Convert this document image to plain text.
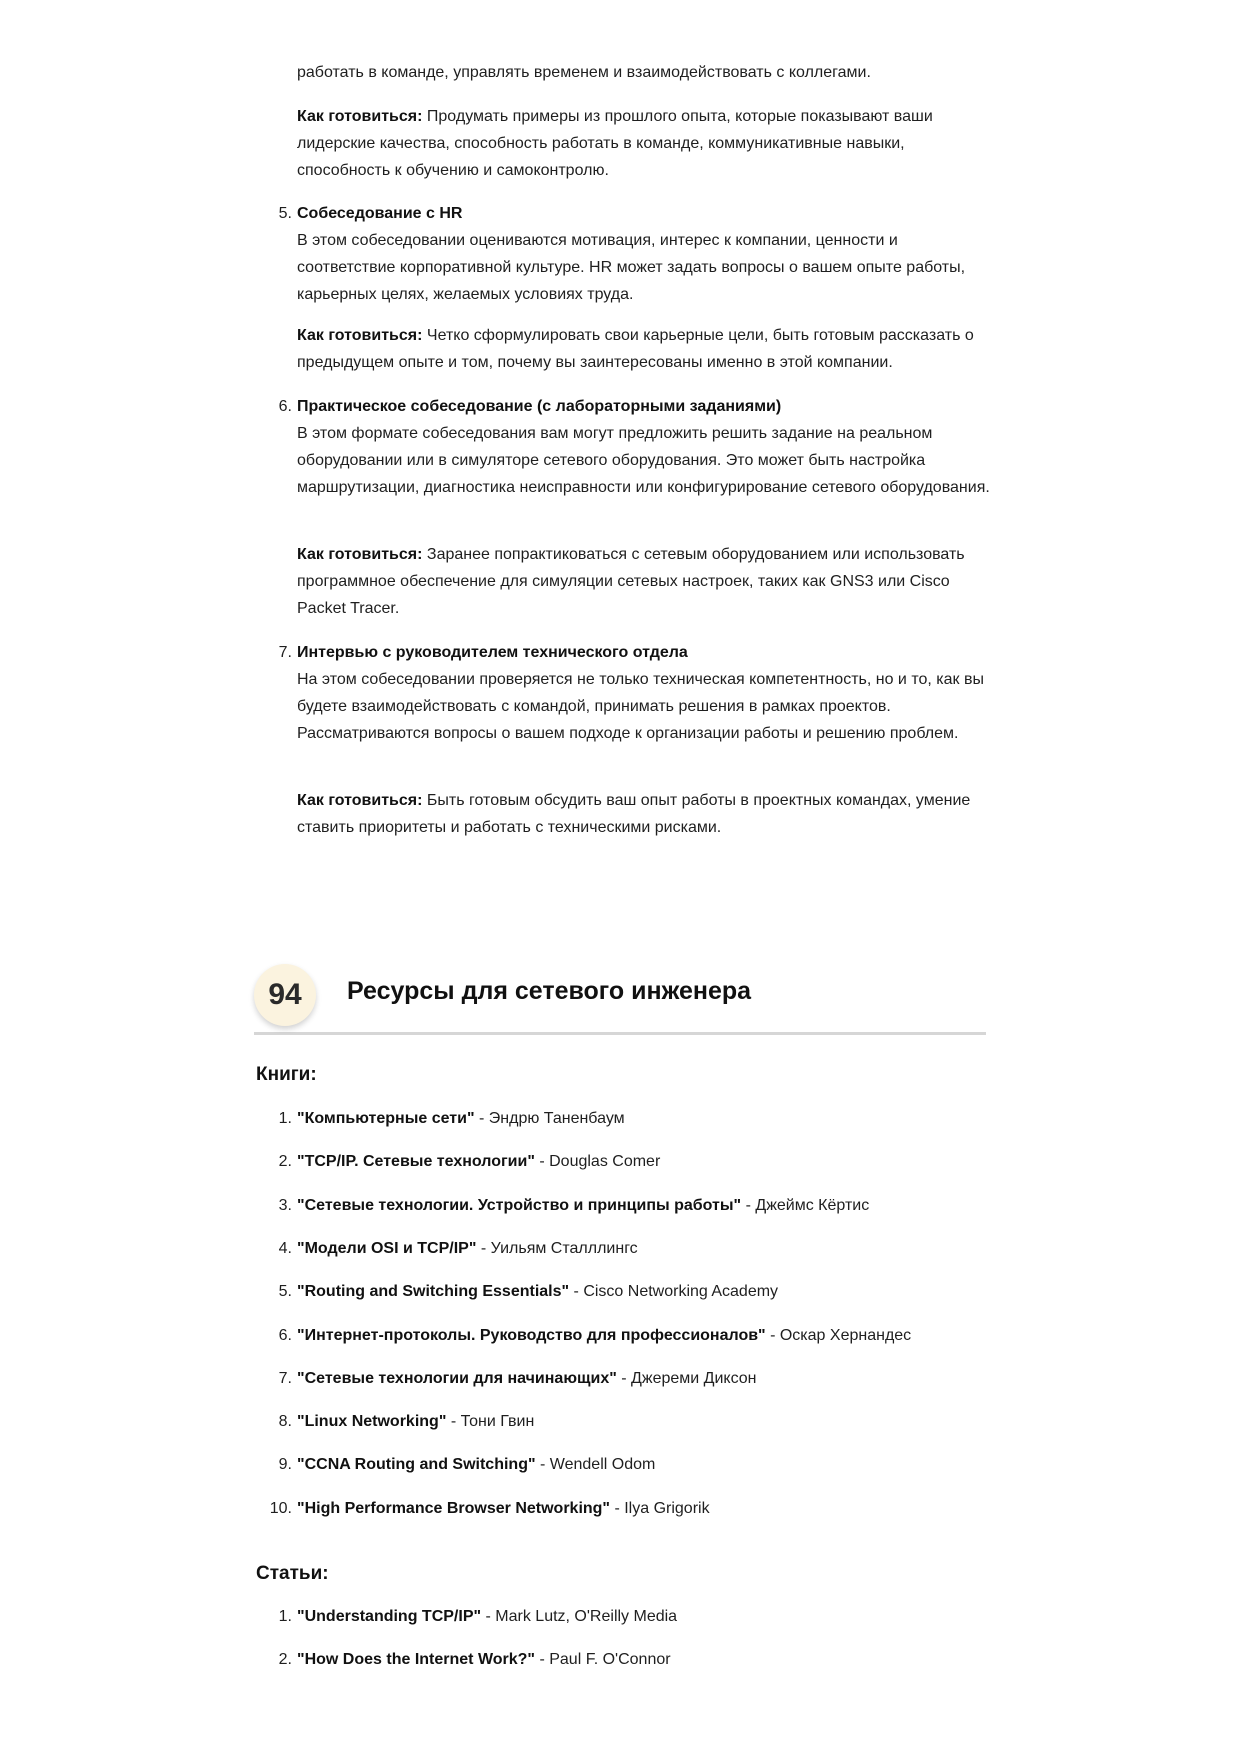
работать в команде, управлять временем и взаимодействовать с коллегами.

Как готовиться: Продумать примеры из прошлого опыта, которые показывают ваши лидерские качества, способность работать в команде, коммуникативные навыки, способность к обучению и самоконтролю.

5. Собеседование с HR
В этом собеседовании оцениваются мотивация, интерес к компании, ценности и соответствие корпоративной культуре. HR может задать вопросы о вашем опыте работы, карьерных целях, желаемых условиях труда.

Как готовиться: Четко сформулировать свои карьерные цели, быть готовым рассказать о предыдущем опыте и том, почему вы заинтересованы именно в этой компании.

6. Практическое собеседование (с лабораторными заданиями)
В этом формате собеседования вам могут предложить решить задание на реальном оборудовании или в симуляторе сетевого оборудования. Это может быть настройка маршрутизации, диагностика неисправности или конфигурирование сетевого оборудования.

Как готовиться: Заранее попрактиковаться с сетевым оборудованием или использовать программное обеспечение для симуляции сетевых настроек, таких как GNS3 или Cisco Packet Tracer.

7. Интервью с руководителем технического отдела
На этом собеседовании проверяется не только техническая компетентность, но и то, как вы будете взаимодействовать с командой, принимать решения в рамках проектов. Рассматриваются вопросы о вашем подходе к организации работы и решению проблем.

Как готовиться: Быть готовым обсудить ваш опыт работы в проектных командах, умение ставить приоритеты и работать с техническими рисками.

94	Ресурсы для сетевого инженера
Книги:
1. "Компьютерные сети" - Эндрю Таненбаум
2. "TCP/IP. Сетевые технологии" - Douglas Comer
3. "Сетевые технологии. Устройство и принципы работы" - Джеймс Кёртис
4. "Модели OSI и TCP/IP" - Уильям Сталллингс
5. "Routing and Switching Essentials" - Cisco Networking Academy
6. "Интернет-протоколы. Руководство для профессионалов" - Оскар Хернандес
7. "Сетевые технологии для начинающих" - Джереми Диксон
8. "Linux Networking" - Тони Гвин
9. "CCNA Routing and Switching" - Wendell Odom
10. "High Performance Browser Networking" - Ilya Grigorik
Статьи:
1. "Understanding TCP/IP" - Mark Lutz, O'Reilly Media
2. "How Does the Internet Work?" - Paul F. O'Connor
